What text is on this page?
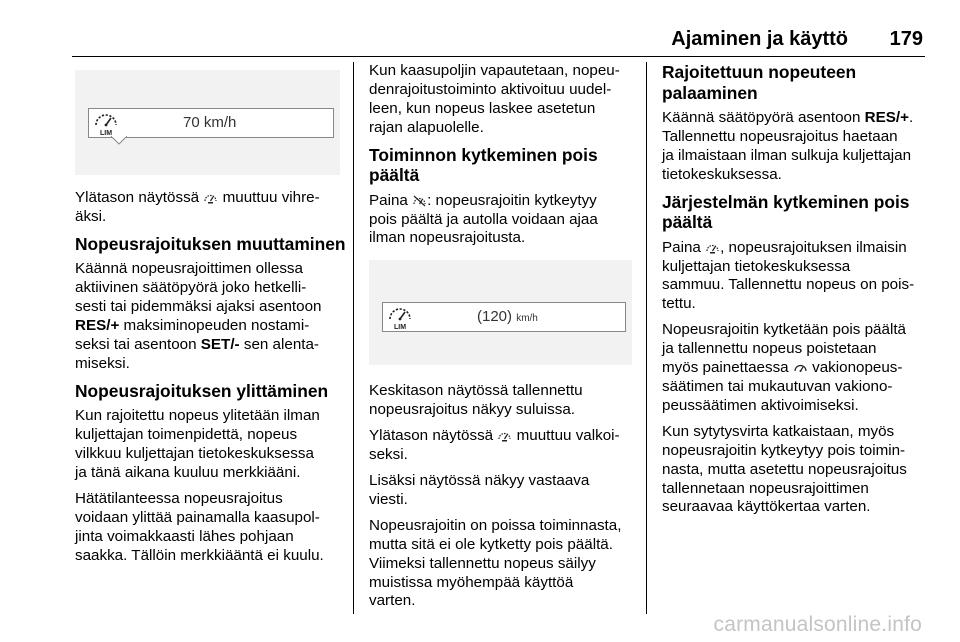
Ajaminen ja käyttö 179
LIM
70 km/h

Ylätason näytössä muuttuu vihre-
äksi.

Nopeusrajoituksen muuttaminen

Käännä nopeusrajoittimen ollessa
aktiivinen säätöpyörä joko hetkelli-
sesti tai pidemmäksi ajaksi asentoon
RES/+ maksiminopeuden nostami-
seksi tai asentoon SET/- sen alenta-
miseksi.

Nopeusrajoituksen ylittäminen

Kun rajoitettu nopeus ylitetään ilman
kuljettajan toimenpidettä, nopeus
vilkkuu kuljettajan tietokeskuksessa
ja tänä aikana kuuluu merkkiääni.

Hätätilanteessa nopeusrajoitus
voidaan ylittää painamalla kaasupol-
jinta voimakkaasti lähes pohjaan
saakka. Tällöin merkkiääntä ei kuulu.

Kun kaasupoljin vapautetaan, nopeu-
denrajoitustoiminto aktivoituu uudel-
leen, kun nopeus laskee asetetun
rajan alapuolelle.

Toiminnon kytkeminen pois
päältä

Paina : nopeusrajoitin kytkeytyy
pois päältä ja autolla voidaan ajaa
ilman nopeusrajoitusta.

LIM
(120) km/h

Keskitason näytössä tallennettu
nopeusrajoitus näkyy suluissa.

Ylätason näytössä muuttuu valkoi-
seksi.

Lisäksi näytössä näkyy vastaava
viesti.

Nopeusrajoitin on poissa toiminnasta,
mutta sitä ei ole kytketty pois päältä.
Viimeksi tallennettu nopeus säilyy
muistissa myöhempää käyttöä
varten.

Rajoitettuun nopeuteen
palaaminen

Käännä säätöpyörä asentoon RES/+.
Tallennettu nopeusrajoitus haetaan
ja ilmaistaan ilman sulkuja kuljettajan
tietokeskuksessa.

Järjestelmän kytkeminen pois
päältä

Paina , nopeusrajoituksen ilmaisin
kuljettajan tietokeskuksessa
sammuu. Tallennettu nopeus on pois-
tettu.

Nopeusrajoitin kytketään pois päältä
ja tallennettu nopeus poistetaan
myös painettaessa vakionopeus-
säätimen tai mukautuvan vakiono-
peussäätimen aktivoimiseksi.

Kun sytytysvirta katkaistaan, myös
nopeusrajoitin kytkeytyy pois toimin-
nasta, mutta asetettu nopeusrajoitus
tallennetaan nopeusrajoittimen
seuraavaa käyttökertaa varten.

carmanualsonline.info
